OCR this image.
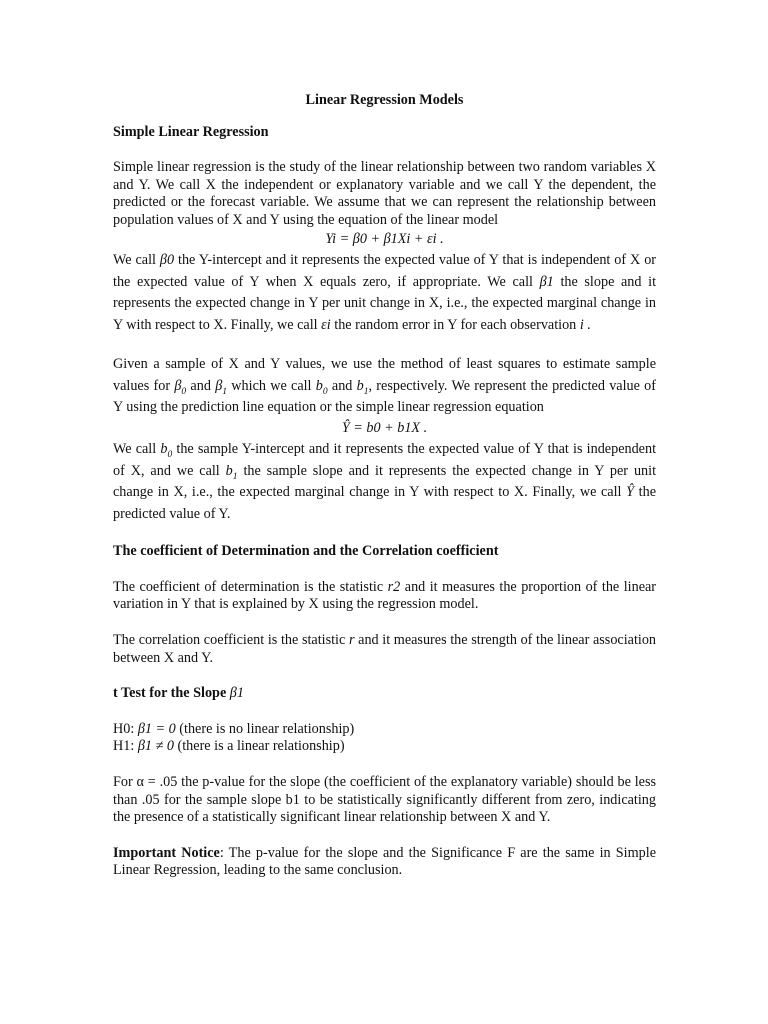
Linear Regression Models
Simple Linear Regression

Simple linear regression is the study of the linear relationship between two random variables X and Y. We call X the independent or explanatory variable and we call Y the dependent, the predicted or the forecast variable. We assume that we can represent the relationship between population values of X and Y using the equation of the linear model

Yi = β0 + β1Xi + εi .

We call β0 the Y-intercept and it represents the expected value of Y that is independent of X or the expected value of Y when X equals zero, if appropriate. We call β1 the slope and it represents the expected change in Y per unit change in X, i.e., the expected marginal change in Y with respect to X. Finally, we call εi the random error in Y for each observation i .

Given a sample of X and Y values, we use the method of least squares to estimate sample values for $\beta_0$ and $\beta_1$ which we call $b_0$ and $b_1$, respectively. We represent the predicted value of Y using the prediction line equation or the simple linear regression equation

Ŷ = b0 + b1X .

We call $b_0$ the sample Y-intercept and it represents the expected value of Y that is independent of X, and we call $b_1$ the sample slope and it represents the expected change in Y per unit change in X, i.e., the expected marginal change in Y with respect to X. Finally, we call Ŷ the predicted value of Y.

The coefficient of Determination and the Correlation coefficient

The coefficient of determination is the statistic r2 and it measures the proportion of the linear variation in Y that is explained by X using the regression model.

The correlation coefficient is the statistic r and it measures the strength of the linear association between X and Y.

t Test for the Slope β1

H0: β1 = 0 (there is no linear relationship)

H1: β1 ≠ 0 (there is a linear relationship)

For α = .05 the p-value for the slope (the coefficient of the explanatory variable) should be less than .05 for the sample slope b1 to be statistically significantly different from zero, indicating the presence of a statistically significant linear relationship between X and Y.

Important Notice: The p-value for the slope and the Significance F are the same in Simple Linear Regression, leading to the same conclusion.
